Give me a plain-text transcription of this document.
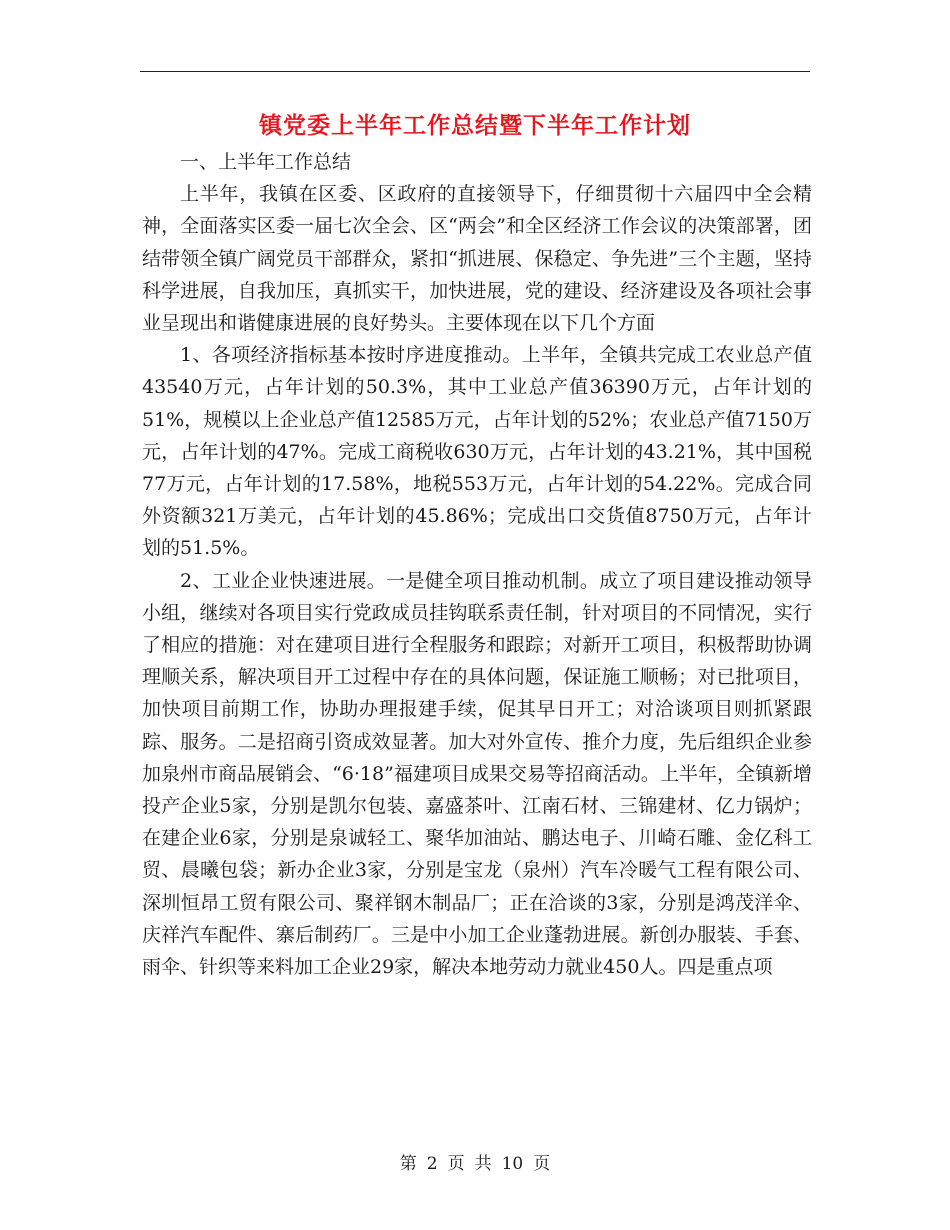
镇党委上半年工作总结暨下半年工作计划

一、上半年工作总结

上半年，我镇在区委、区政府的直接领导下，仔细贯彻十六届四中全会精神，全面落实区委一届七次全会、区“两会”和全区经济工作会议的决策部署，团结带领全镇广阔党员干部群众，紧扣“抓进展、保稳定、争先进”三个主题，坚持科学进展，自我加压，真抓实干，加快进展，党的建设、经济建设及各项社会事业呈现出和谐健康进展的良好势头。主要体现在以下几个方面

1、各项经济指标基本按时序进度推动。上半年，全镇共完成工农业总产值43540万元，占年计划的50.3%，其中工业总产值36390万元，占年计划的51%，规模以上企业总产值12585万元，占年计划的52%；农业总产值7150万元，占年计划的47%。完成工商税收630万元，占年计划的43.21%，其中国税77万元，占年计划的17.58%，地税553万元，占年计划的54.22%。完成合同外资额321万美元，占年计划的45.86%；完成出口交货值8750万元，占年计划的51.5%。

2、工业企业快速进展。一是健全项目推动机制。成立了项目建设推动领导小组，继续对各项目实行党政成员挂钩联系责任制，针对项目的不同情况，实行了相应的措施：对在建项目进行全程服务和跟踪；对新开工项目，积极帮助协调理顺关系，解决项目开工过程中存在的具体问题，保证施工顺畅；对已批项目，加快项目前期工作，协助办理报建手续，促其早日开工；对洽谈项目则抓紧跟踪、服务。二是招商引资成效显著。加大对外宣传、推介力度，先后组织企业参加泉州市商品展销会、“6·18”福建项目成果交易等招商活动。上半年，全镇新增投产企业5家，分别是凯尔包装、嘉盛茶叶、江南石材、三锦建材、亿力锅炉；在建企业6家，分别是泉诚轻工、聚华加油站、鹏达电子、川崎石雕、金亿科工贸、晨曦包袋；新办企业3家，分别是宝龙（泉州）汽车冷暖气工程有限公司、深圳恒昂工贸有限公司、聚祥钢木制品厂；正在洽谈的3家，分别是鸿茂洋伞、庆祥汽车配件、寨后制药厂。三是中小加工企业蓬勃进展。新创办服装、手套、雨伞、针织等来料加工企业29家，解决本地劳动力就业450人。四是重点项

第 2 页 共 10 页
